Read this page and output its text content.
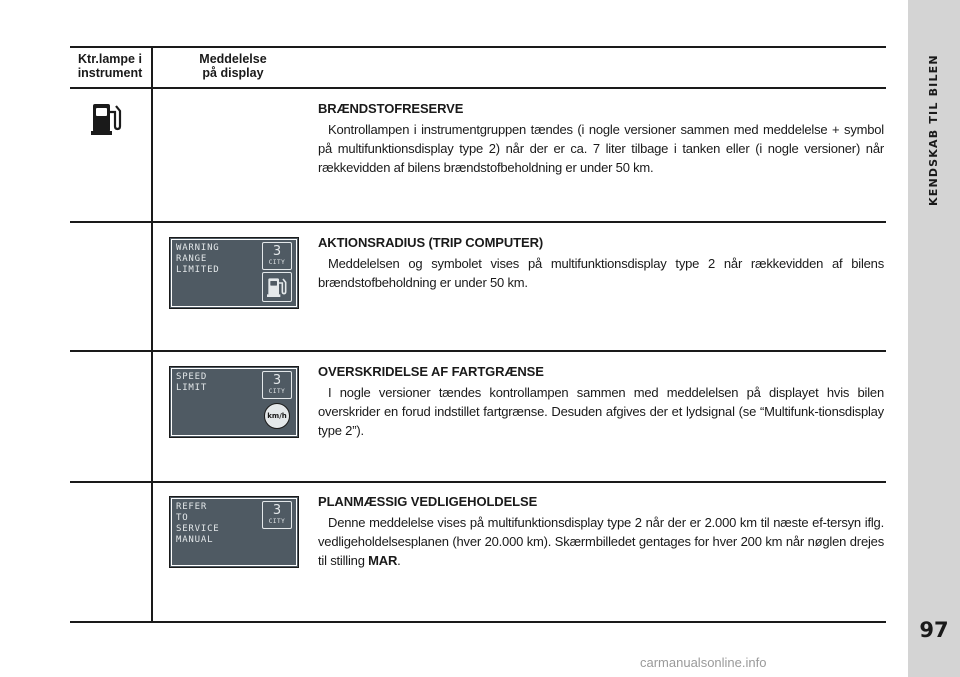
KENDSKAB TIL BILEN
97
Ktr.lampe i
instrument
Meddelelse
på display
BRÆNDSTOFRESERVE

Kontrollampen i instrumentgruppen tændes (i nogle versioner sammen med meddelelse + symbol på multifunktionsdisplay type 2) når der er ca. 7 liter tilbage i tanken eller (i nogle versioner) når rækkevidden af bilens brændstofbeholdning er under 50 km.

WARNING
RANGE
LIMITED
3
CITY
AKTIONSRADIUS (TRIP COMPUTER)

Meddelelsen og symbolet vises på multifunktionsdisplay type 2 når rækkevidden af bilens brændstofbeholdning er under 50 km.

SPEED
LIMIT	3
CITY
km/h
OVERSKRIDELSE AF FARTGRÆNSE

I nogle versioner tændes kontrollampen sammen med meddelelsen på displayet hvis bilen overskrider en forud indstillet fartgrænse. Desuden afgives der et lydsignal (se “Multifunk-tionsdisplay type 2”).

REFER
TO
SERVICE
MANUAL
3
CITY
PLANMÆSSIG VEDLIGEHOLDELSE

Denne meddelelse vises på multifunktionsdisplay type 2 når der er 2.000 km til næste ef-tersyn iflg. vedligeholdelsesplanen (hver 20.000 km). Skærmbilledet gentages for hver 200 km når nøglen drejes til stilling MAR.

carmanualsonline.info
